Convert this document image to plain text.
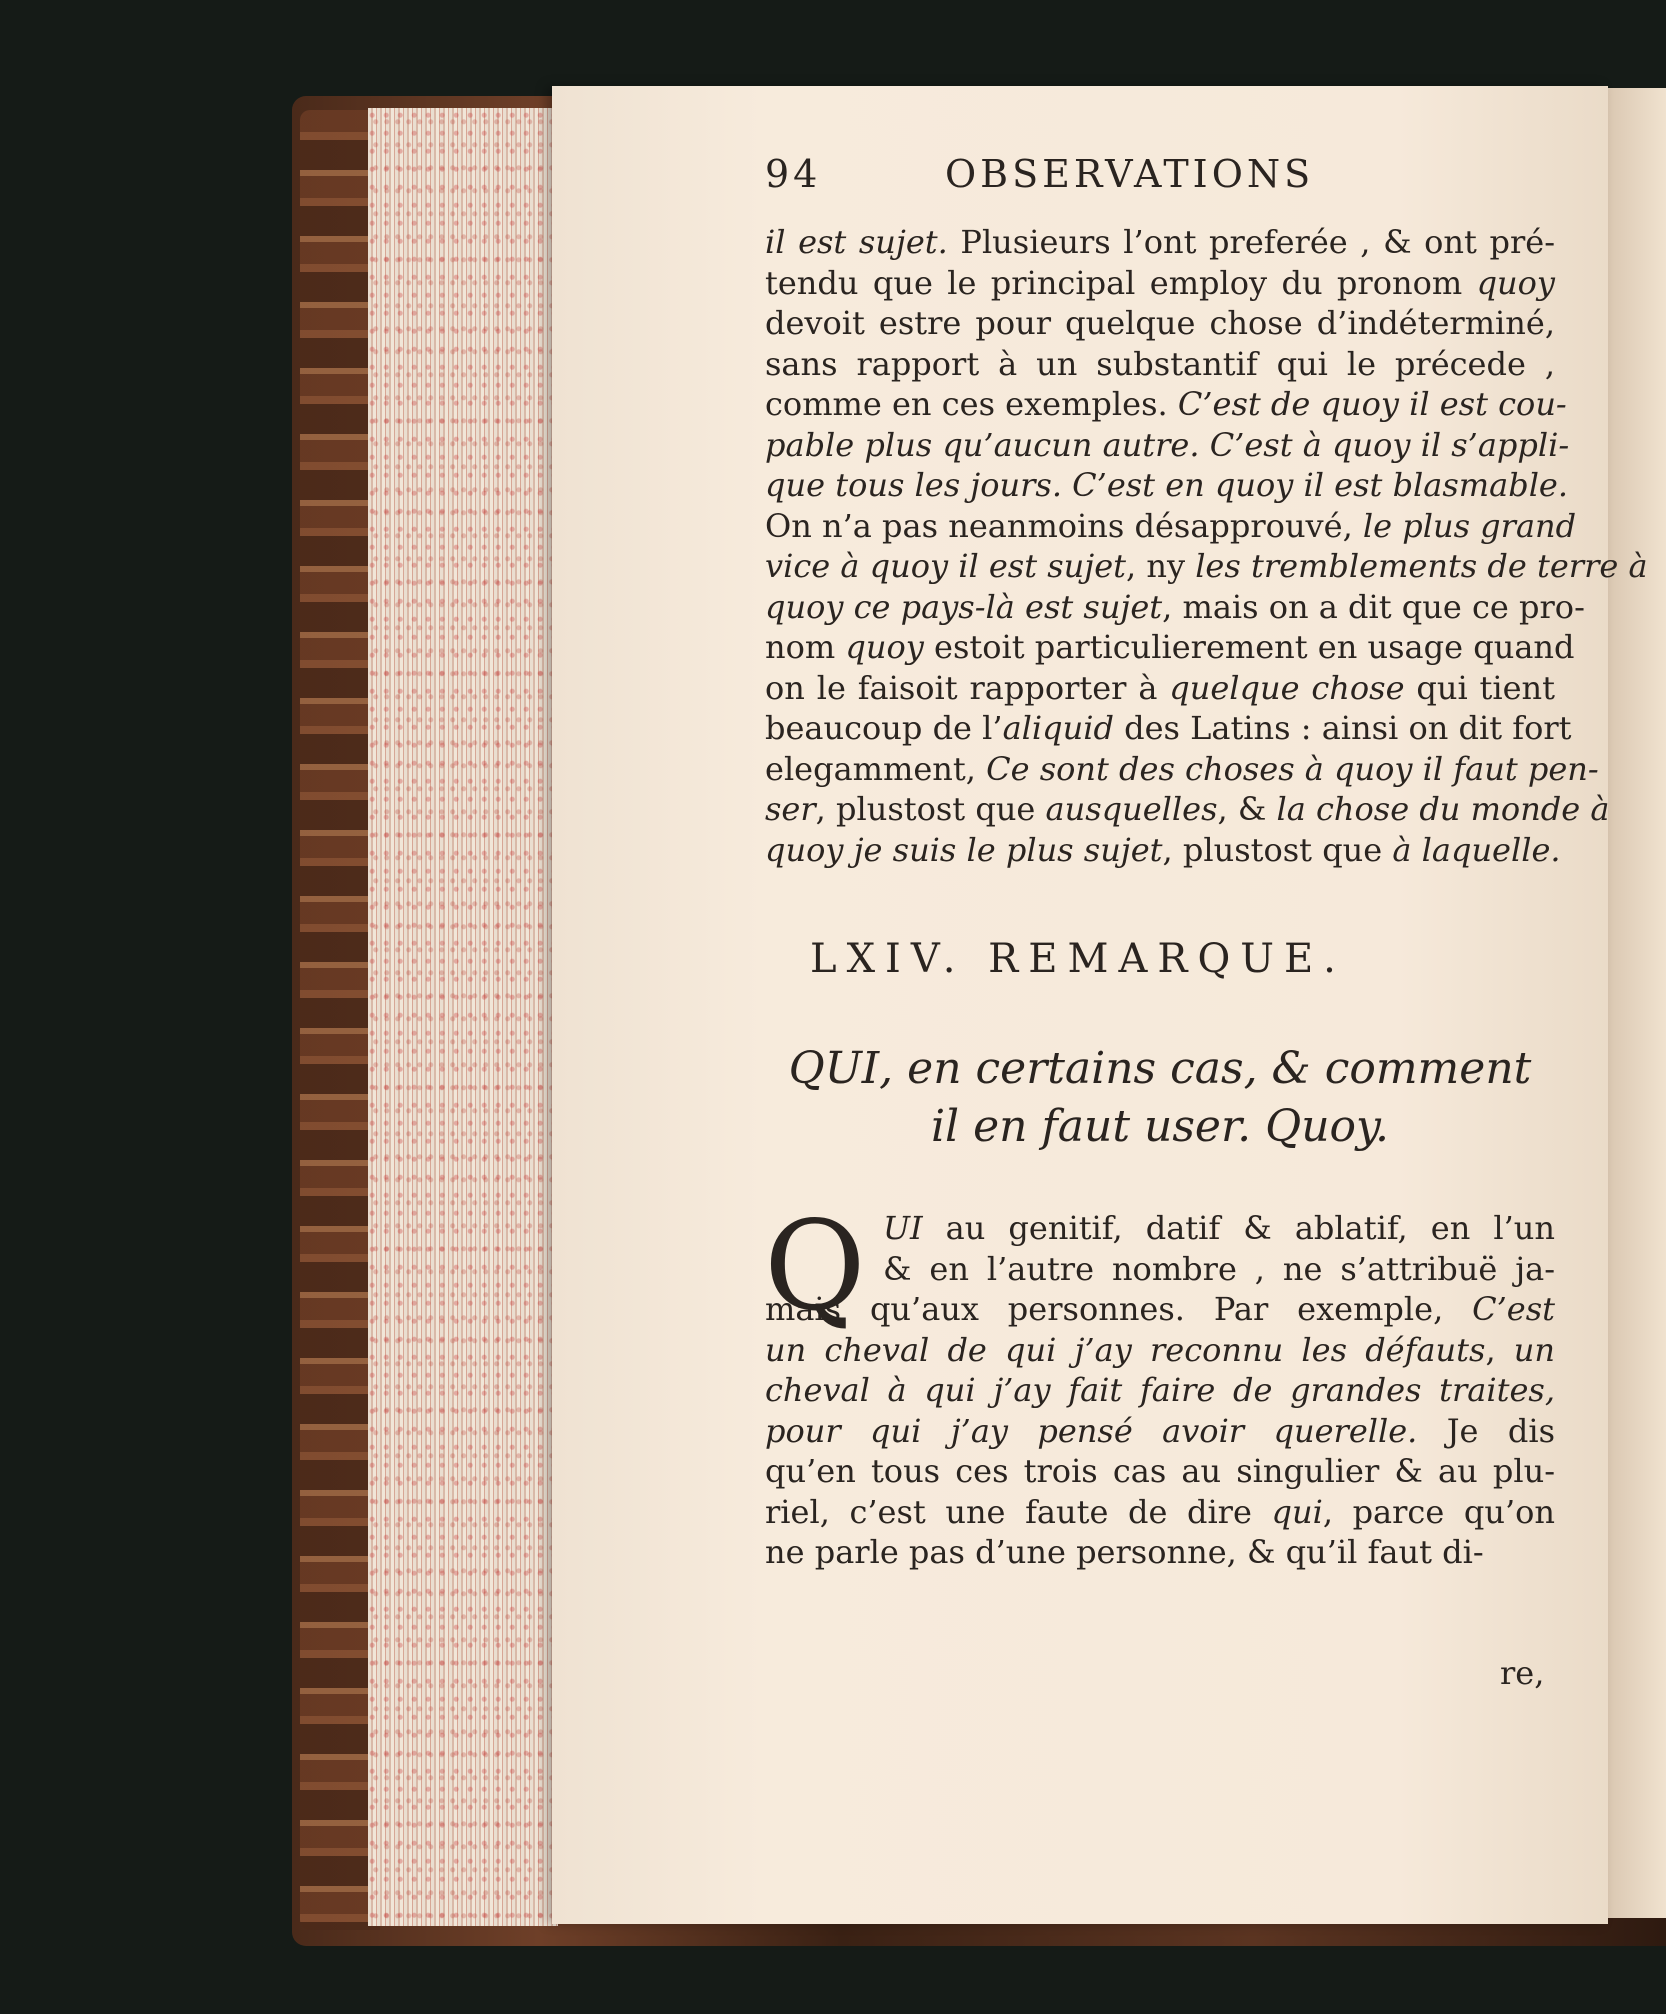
94	OBSERVATIONS
il est sujet. Plusieurs l’ont preferée , & ont pré-
tendu que le principal employ du pronom quoy
devoit estre pour quelque chose d’indéterminé,
sans rapport à un substantif qui le précede ,
comme en ces exemples. C’est de quoy il est cou-
pable plus qu’aucun autre. C’est à quoy il s’appli-
que tous les jours. C’est en quoy il est blasmable.
On n’a pas neanmoins désapprouvé, le plus grand
vice à quoy il est sujet, ny les tremblements de terre à
quoy ce pays-là est sujet, mais on a dit que ce pro-
nom quoy estoit particulierement en usage quand
on le faisoit rapporter à quelque chose qui tient
beaucoup de l’aliquid des Latins : ainsi on dit fort
elegamment, Ce sont des choses à quoy il faut pen-
ser, plustost que ausquelles, & la chose du monde à
quoy je suis le plus sujet, plustost que à laquelle.
LXIV. REMARQUE.
QUI, en certains cas, & comment
il en faut user. Quoy.
Q UI au genitif, datif & ablatif, en l’un
& en l’autre nombre , ne s’attribuë ja-
mais qu’aux personnes. Par exemple, C’est
un cheval de qui j’ay reconnu les défauts, un
cheval à qui j’ay fait faire de grandes traites,
pour qui j’ay pensé avoir querelle. Je dis
qu’en tous ces trois cas au singulier & au plu-
riel, c’est une faute de dire qui, parce qu’on
ne parle pas d’une personne, & qu’il faut di-
re,
